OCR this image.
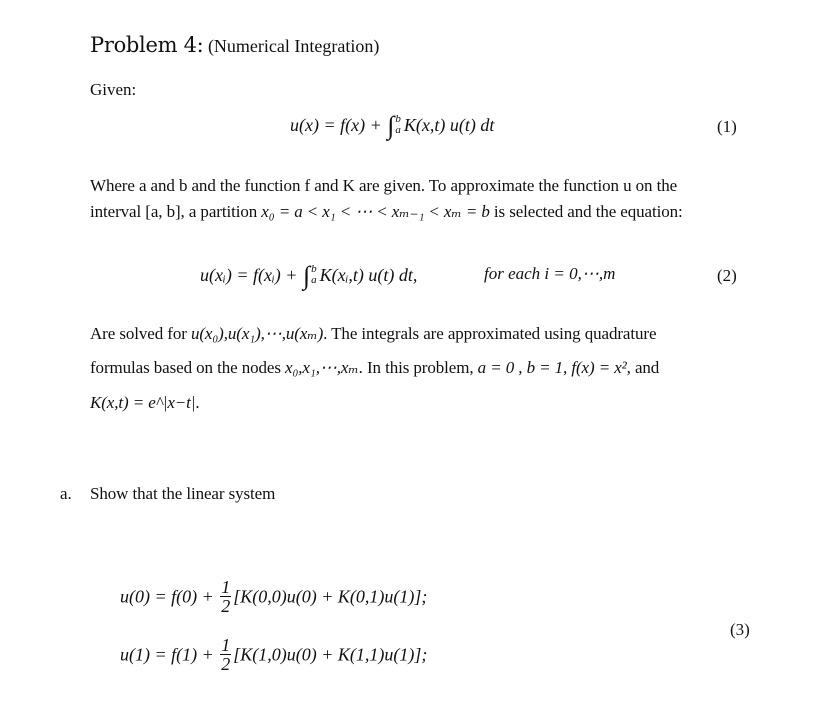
Problem 4: (Numerical Integration)
Given:
u(x) = f(x) + ∫ b
a K(x,t) u(t) dt	(1)
Where a and b and the function f and K are given. To approximate the function u on the
interval [a, b], a partition x₀ = a < x₁ < ⋯ < xₘ₋₁ < xₘ = b is selected and the equation:
u(xᵢ) = f(xᵢ) + ∫ b
a K(xᵢ,t) u(t) dt,	for each i = 0,⋯,m	(2)
Are solved for u(x₀),u(x₁),⋯,u(xₘ). The integrals are approximated using quadrature
formulas based on the nodes x₀,x₁,⋯,xₘ. In this problem, a = 0 , b = 1, f(x) = x², and
K(x,t) = e^|x−t|.
a. Show that the linear system
$u(0) = f(0) + \frac{1}{2} [K(0,0)u(0) + K(0,1)u(1)]$;
$u(1) = f(1) + \frac{1}{2} [K(1,0)u(0) + K(1,1)u(1)]$;
(3)
